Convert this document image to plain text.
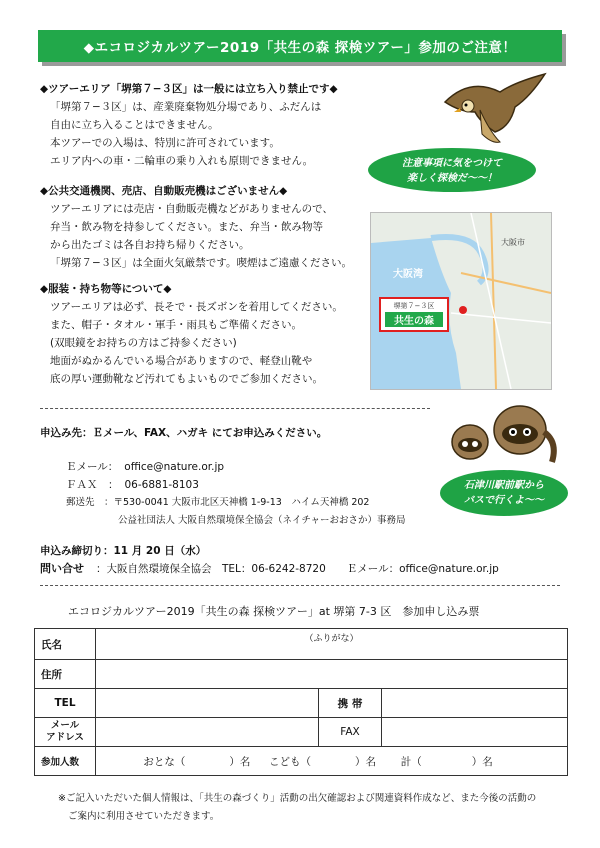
◆エコロジカルツアー2019「共生の森 探検ツアー」参加のご注意！
◆ツアーエリア「堺第７−３区」は一般には立ち入り禁止です◆
「堺第７−３区」は、産業廃棄物処分場であり、ふだんは
自由に立ち入ることはできません。
本ツアーでの入場は、特別に許可されています。
エリア内への車・二輪車の乗り入れも原則できません。
◆公共交通機関、売店、自動販売機はございません◆
ツアーエリアには売店・自動販売機などがありませんので、
弁当・飲み物を持参してください。また、弁当・飲み物等
から出たゴミは各自お持ち帰りください。
「堺第７−３区」は全面火気厳禁です。喫煙はご遠慮ください。
◆服装・持ち物等について◆
ツアーエリアは必ず、長そで・長ズボンを着用してください。
また、帽子・タオル・軍手・雨具もご準備ください。
(双眼鏡をお持ちの方はご持参ください)
地面がぬかるんでいる場合がありますので、軽登山靴や
底の厚い運動靴など汚れてもよいものでご参加ください。
注意事項に気をつけて
楽しく探検だ〜〜！
大阪市
大阪湾
堺第７−３区
共生の森
石津川駅前駅から
バスで行くよ〜〜
申込み先：Ｅメール、FAX、ハガキ にてお申込みください。
Ｅメール： office@nature.or.jp
ＦＡＸ　： 06-6881-8103
郵送先　：〒530-0041 大阪市北区天神橋 1-9-13　ハイム天神橋 202
公益社団法人 大阪自然環境保全協会（ネイチャーおおさか）事務局
申込み締切り：11 月 20 日（水）
問い合せ ：大阪自然環境保全協会　TEL：06-6242-8720　　Ｅメール：office@nature.or.jp
エコロジカルツアー2019「共生の森 探検ツアー」at 堺第 7-3 区　参加申し込み票
氏名	（ふりがな）		
住所			
TEL		携 帯	

メール
アドレス		FAX	
参加人数	おとな（ ）名 こども（ ）名 計（ ）名		
※ご記入いただいた個人情報は、「共生の森づくり」活動の出欠確認および関連資料作成など、また今後の活動の
ご案内に利用させていただきます。
